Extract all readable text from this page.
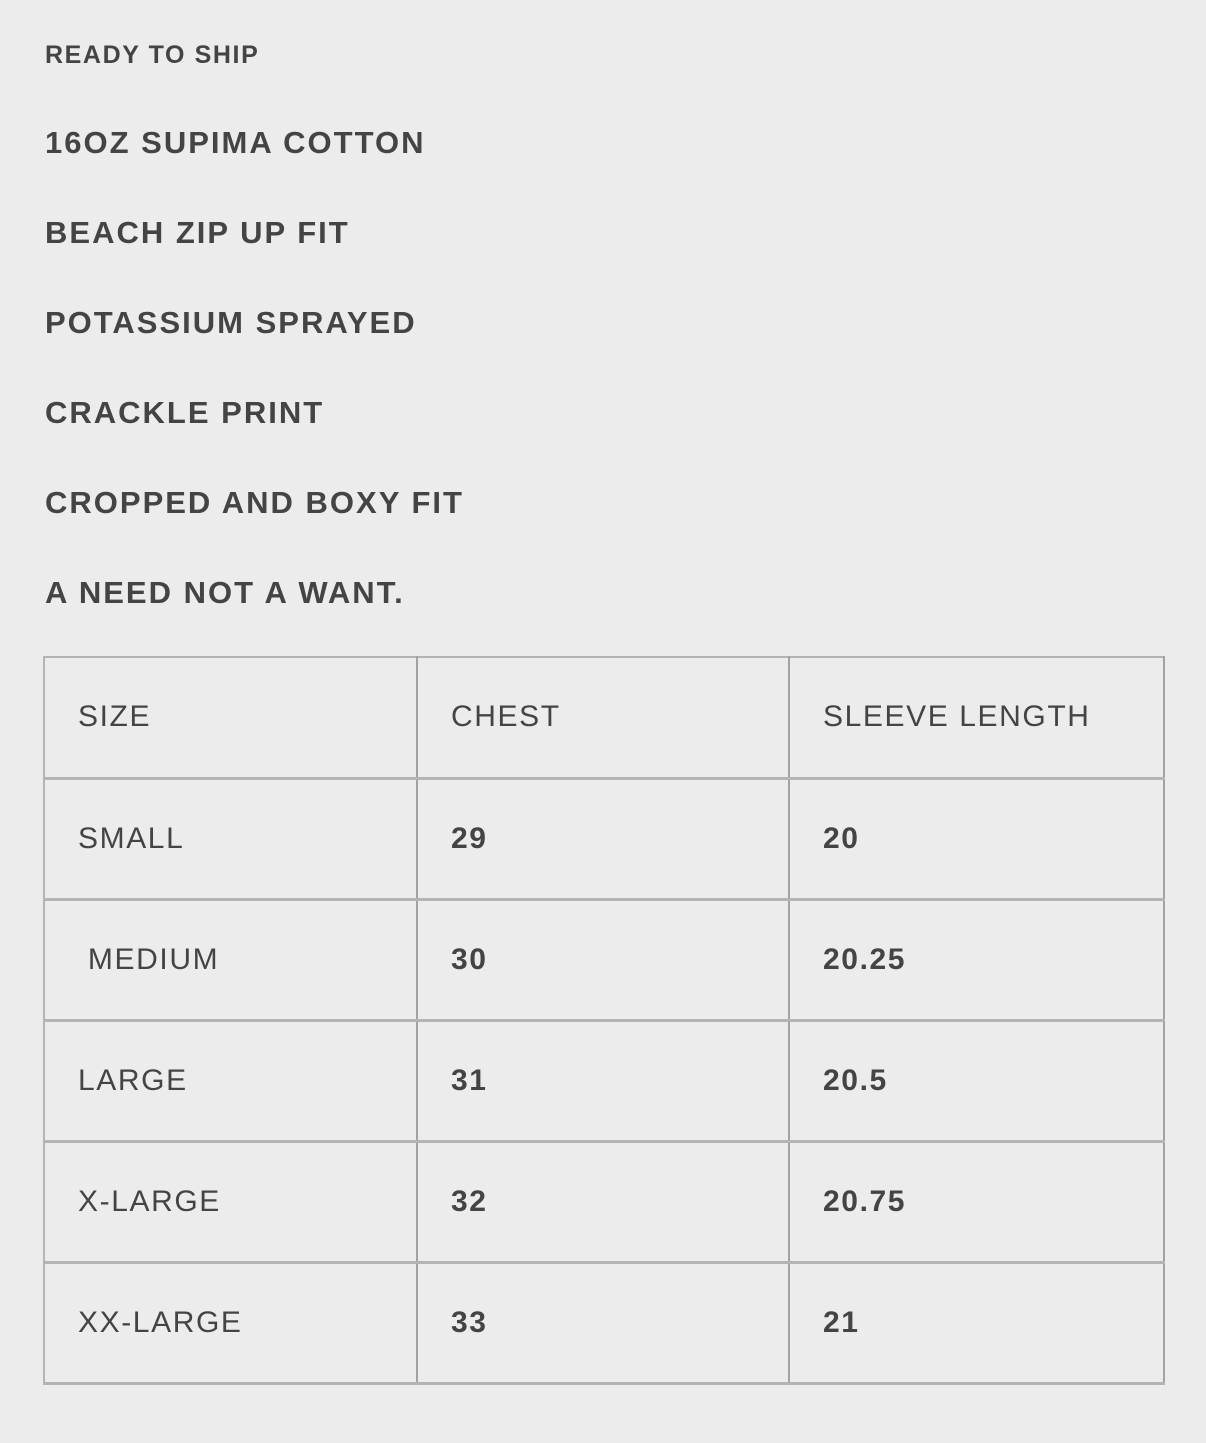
READY TO SHIP

16OZ SUPIMA COTTON
BEACH ZIP UP FIT
POTASSIUM SPRAYED
CRACKLE PRINT
CROPPED AND BOXY FIT
A NEED NOT A WANT.
SIZE	CHEST	SLEEVE LENGTH
SMALL	29	20
MEDIUM	30	20.25
LARGE	31	20.5
X-LARGE	32	20.75
XX-LARGE	33	21
